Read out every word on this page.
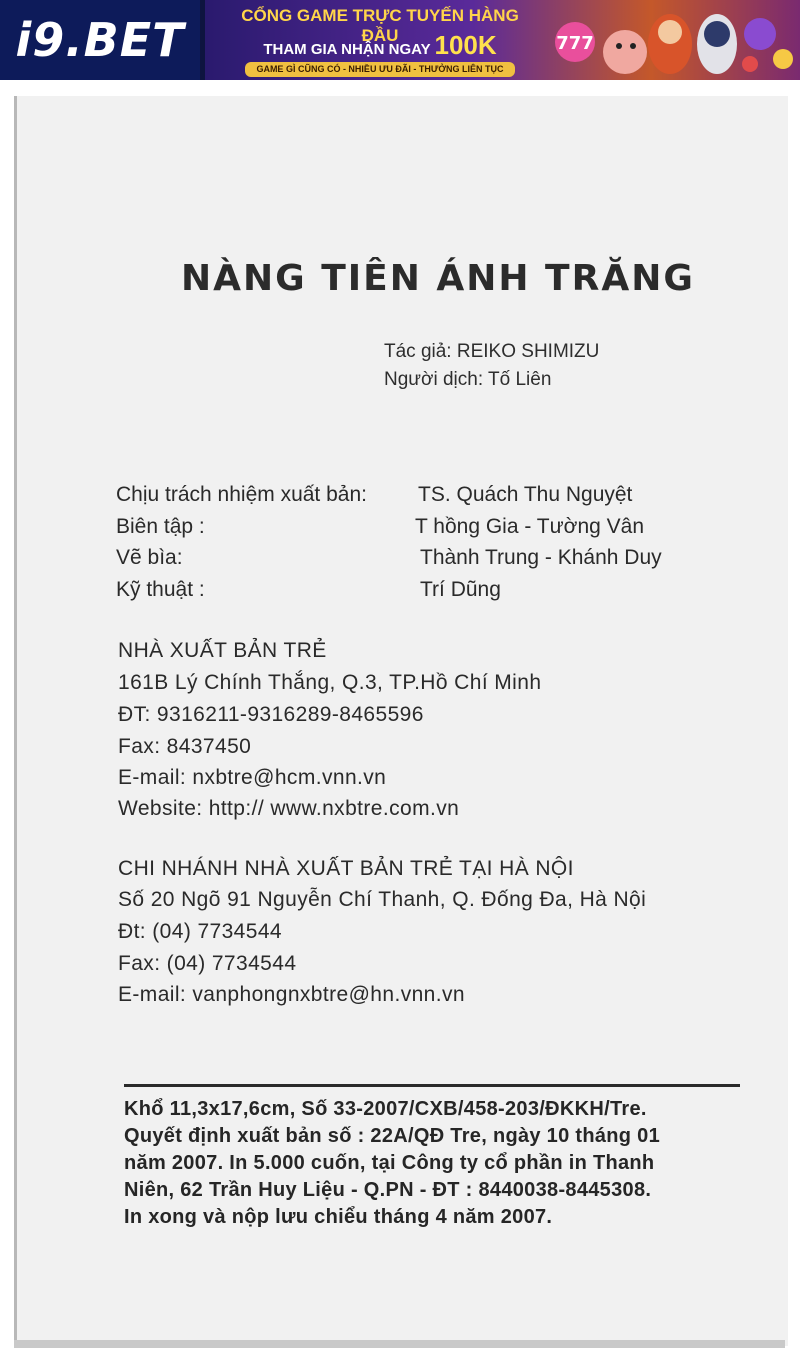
i9.BET	CỔNG GAME TRỰC TUYẾN HÀNG ĐẦU
THAM GIA NHẬN NGAY 100K
GAME GÌ CŨNG CÓ - NHIỀU ƯU ĐÃI - THƯỞNG LIÊN TỤC
777
NÀNG TIÊN ÁNH TRĂNG
Tác giả: REIKO SHIMIZU
Người dịch: Tố Liên
Chịu trách nhiệm xuất bản: TS. Quách Thu Nguyệt
Biên tập :	T hồng Gia - Tường Vân
Vẽ bìa:	Thành Trung - Khánh Duy
Kỹ thuật :	Trí Dũng
NHÀ XUẤT BẢN TRẺ
161B Lý Chính Thắng, Q.3, TP.Hồ Chí Minh
ĐT: 9316211-9316289-8465596
Fax: 8437450
E-mail: nxbtre@hcm.vnn.vn
Website: http:// www.nxbtre.com.vn
CHI NHÁNH NHÀ XUẤT BẢN TRẺ TẠI HÀ NỘI
Số 20 Ngõ 91 Nguyễn Chí Thanh, Q. Đống Đa, Hà Nội
Đt: (04) 7734544
Fax: (04) 7734544
E-mail: vanphongnxbtre@hn.vnn.vn
Khổ 11,3x17,6cm, Số 33-2007/CXB/458-203/ĐKKH/Tre.
Quyết định xuất bản số : 22A/QĐ Tre, ngày 10 tháng 01
năm 2007. In 5.000 cuốn, tại Công ty cổ phần in Thanh
Niên, 62 Trần Huy Liệu - Q.PN - ĐT : 8440038-8445308.
In xong và nộp lưu chiểu tháng 4 năm 2007.
